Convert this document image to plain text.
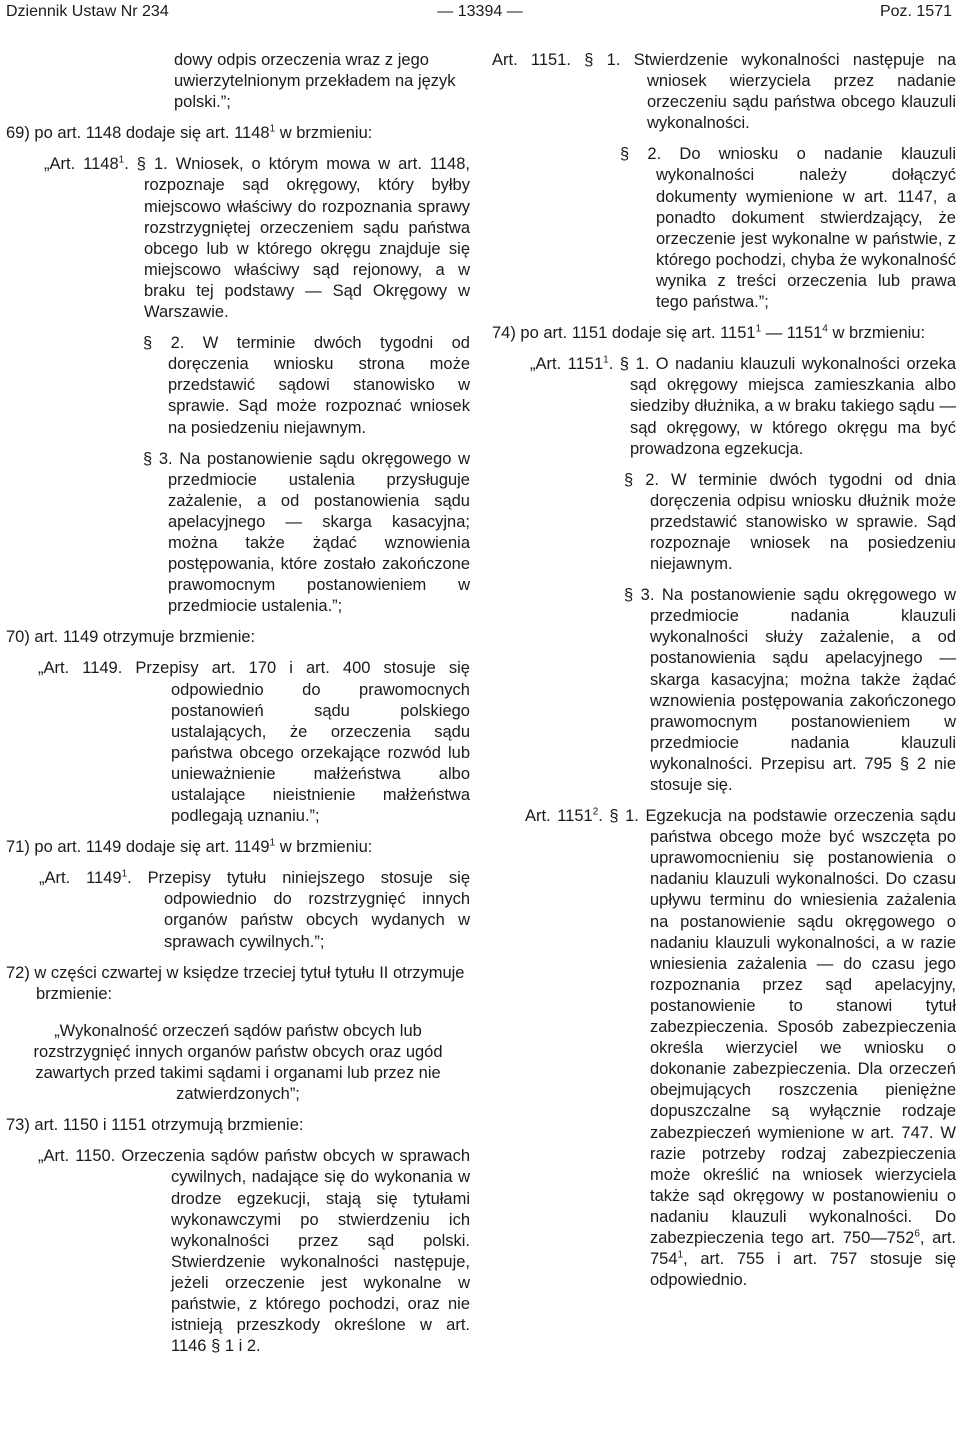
Dziennik Ustaw Nr 234	— 13394 —	Poz. 1571

dowy odpis orzeczenia wraz z jego uwierzytelnionym przekładem na język polski.”;

69) po art. 1148 dodaje się art. 1148$^1$ w brzmieniu:

„Art. 1148$^1$. § 1. Wniosek, o którym mowa w art. 1148, rozpoznaje sąd okręgowy, który byłby miejscowo właściwy do rozpoznania sprawy rozstrzygniętej orzeczeniem sądu państwa obcego lub w którego okręgu znajduje się miejscowo właściwy sąd rejonowy, a w braku tej podstawy — Sąd Okręgowy w Warszawie.

§ 2. W terminie dwóch tygodni od doręczenia wniosku strona może przedstawić sądowi stanowisko w sprawie. Sąd może rozpoznać wniosek na posiedzeniu niejawnym.

§ 3. Na postanowienie sądu okręgowego w przedmiocie ustalenia przysługuje zażalenie, a od postanowienia sądu apelacyjnego — skarga kasacyjna; można także żądać wznowienia postępowania, które zostało zakończone prawomocnym postanowieniem w przedmiocie ustalenia.”;

70) art. 1149 otrzymuje brzmienie:

„Art. 1149. Przepisy art. 170 i art. 400 stosuje się odpowiednio do prawomocnych postanowień sądu polskiego ustalających, że orzeczenia sądu państwa obcego orzekające rozwód lub unieważnienie małżeństwa albo ustalające nieistnienie małżeństwa podlegają uznaniu.”;

71) po art. 1149 dodaje się art. 1149$^1$ w brzmieniu:

„Art. 1149$^1$. Przepisy tytułu niniejszego stosuje się odpowiednio do rozstrzygnięć innych organów państw obcych wydanych w sprawach cywilnych.”;

72) w części czwartej w księdze trzeciej tytuł tytułu II otrzymuje brzmienie:

„Wykonalność orzeczeń sądów państw obcych lub rozstrzygnięć innych organów państw obcych oraz ugód zawartych przed takimi sądami i organami lub przez nie zatwierdzonych”;

73) art. 1150 i 1151 otrzymują brzmienie:

„Art. 1150. Orzeczenia sądów państw obcych w sprawach cywilnych, nadające się do wykonania w drodze egzekucji, stają się tytułami wykonawczymi po stwierdzeniu ich wykonalności przez sąd polski. Stwierdzenie wykonalności następuje, jeżeli orzeczenie jest wykonalne w państwie, z którego pochodzi, oraz nie istnieją przeszkody określone w art. 1146 § 1 i 2.

Art. 1151. § 1. Stwierdzenie wykonalności następuje na wniosek wierzyciela przez nadanie orzeczeniu sądu państwa obcego klauzuli wykonalności.

§ 2. Do wniosku o nadanie klauzuli wykonalności należy dołączyć dokumenty wymienione w art. 1147, a ponadto dokument stwierdzający, że orzeczenie jest wykonalne w państwie, z którego pochodzi, chyba że wykonalność wynika z treści orzeczenia lub prawa tego państwa.”;

74) po art. 1151 dodaje się art. 1151$^1$ — 1151$^4$ w brzmieniu:

„Art. 1151$^1$. § 1. O nadaniu klauzuli wykonalności orzeka sąd okręgowy miejsca zamieszkania albo siedziby dłużnika, a w braku takiego sądu — sąd okręgowy, w którego okręgu ma być prowadzona egzekucja.

§ 2. W terminie dwóch tygodni od dnia doręczenia odpisu wniosku dłużnik może przedstawić stanowisko w sprawie. Sąd rozpoznaje wniosek na posiedzeniu niejawnym.

§ 3. Na postanowienie sądu okręgowego w przedmiocie nadania klauzuli wykonalności służy zażalenie, a od postanowienia sądu apelacyjnego — skarga kasacyjna; można także żądać wznowienia postępowania zakończonego prawomocnym postanowieniem w przedmiocie nadania klauzuli wykonalności. Przepisu art. 795 § 2 nie stosuje się.

Art. 1151$^2$. § 1. Egzekucja na podstawie orzeczenia sądu państwa obcego może być wszczęta po uprawomocnieniu się postanowienia o nadaniu klauzuli wykonalności. Do czasu upływu terminu do wniesienia zażalenia na postanowienie sądu okręgowego o nadaniu klauzuli wykonalności, a w razie wniesienia zażalenia — do czasu jego rozpoznania przez sąd apelacyjny, postanowienie to stanowi tytuł zabezpieczenia. Sposób zabezpieczenia określa wierzyciel we wniosku o dokonanie zabezpieczenia. Dla orzeczeń obejmujących roszczenia pieniężne dopuszczalne są wyłącznie rodzaje zabezpieczeń wymienione w art. 747. W razie potrzeby rodzaj zabezpieczenia może określić na wniosek wierzyciela także sąd okręgowy w postanowieniu o nadaniu klauzuli wykonalności. Do zabezpieczenia tego art. $750—752^6$, art. $754^1$, art. 755 i art. 757 stosuje się odpowiednio.
